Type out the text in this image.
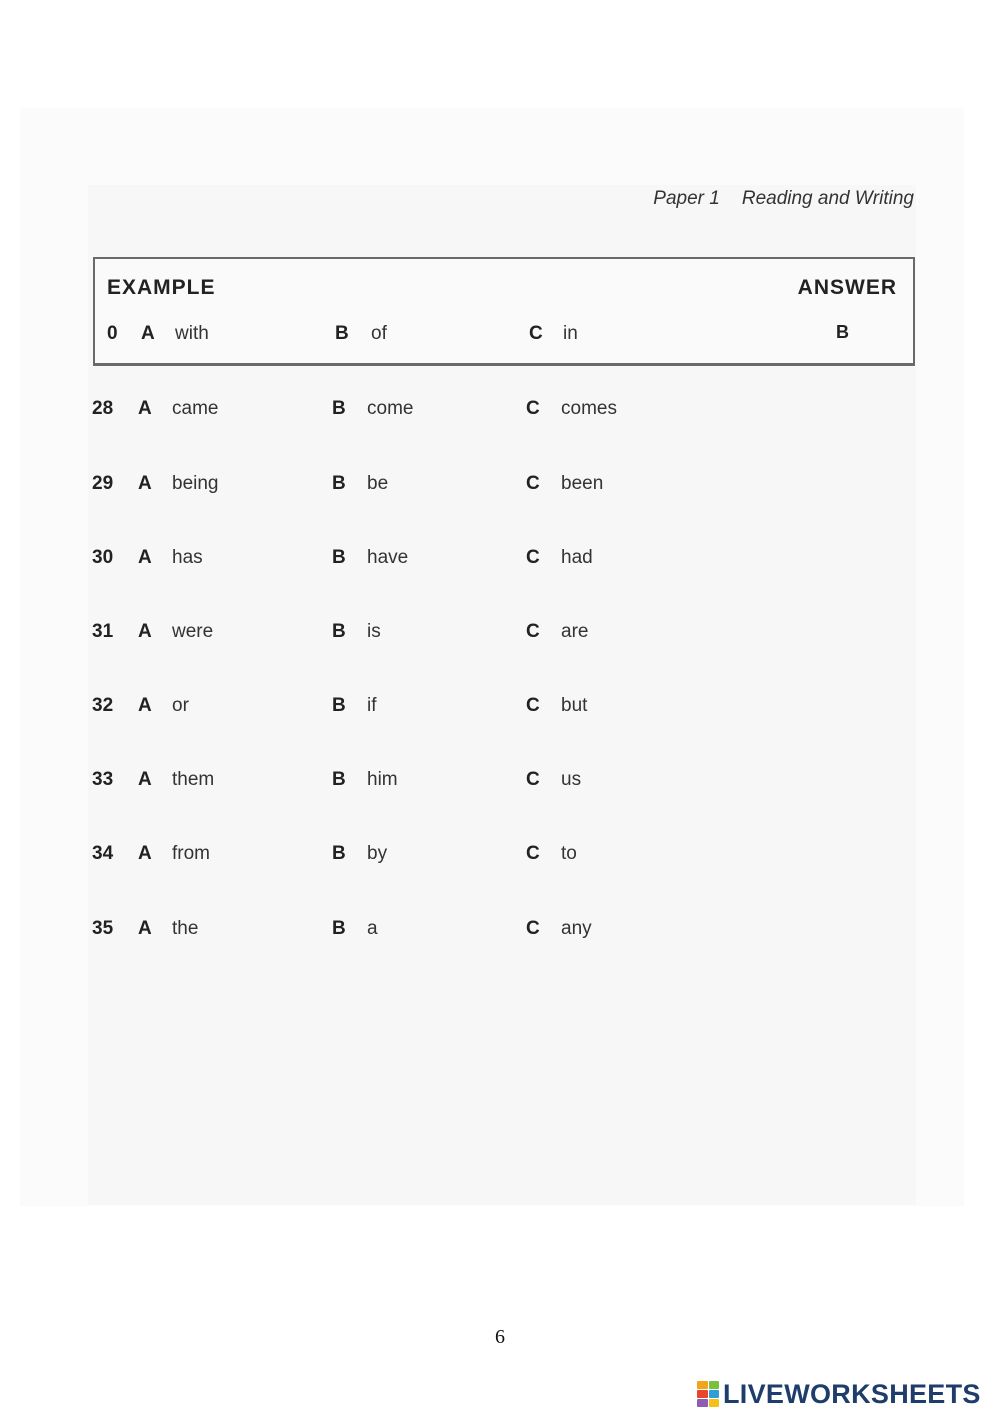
Paper 1 Reading and Writing
EXAMPLE	ANSWER
0 A with	B of	C in	B
28 A came	B come	C comes
29 A being	B be	C been
30 A has	B have	C had
31 A were	B is	C are
32 A or	B if	C but
33 A them	B him	C us
34 A from	B by	C to
35 A the	B a	C any
6
LIVEWORKSHEETS
